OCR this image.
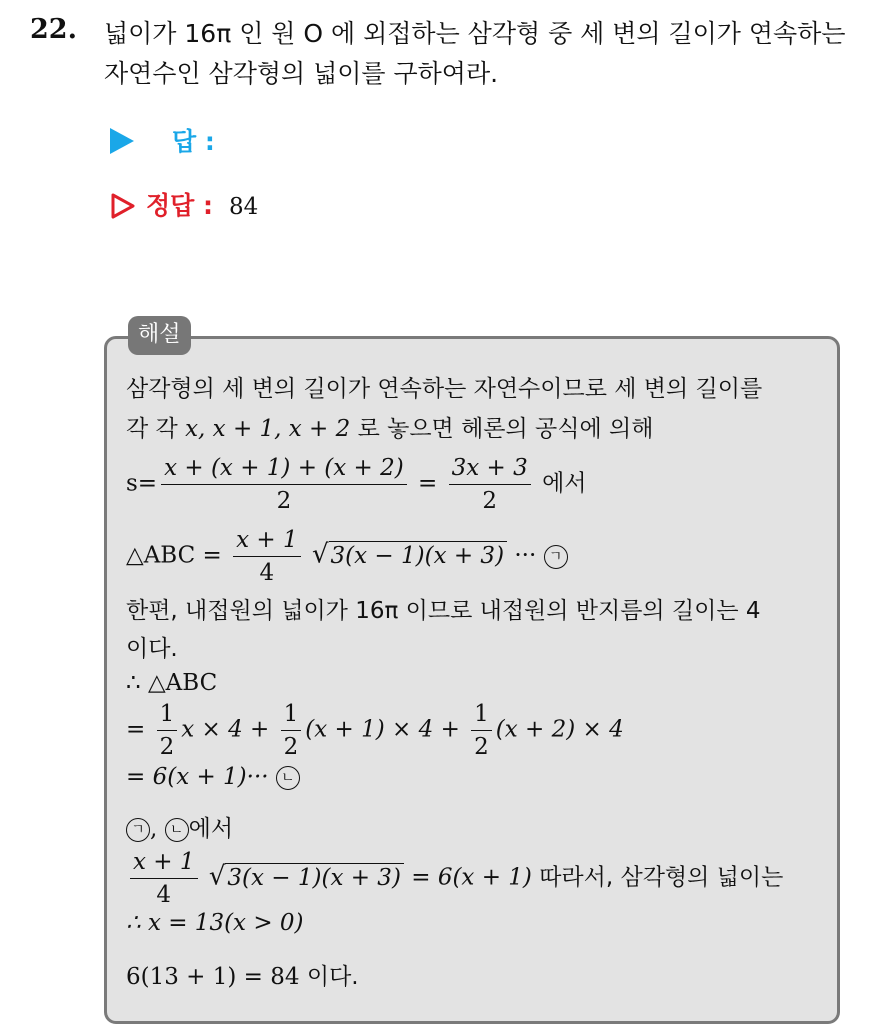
22. 넓이가 16π 인 원 O 에 외접하는 삼각형 중 세 변의 길이가 연속하는
자연수인 삼각형의 넓이를 구하여라.
답 :
정답 : 84
해설
삼각형의 세 변의 길이가 연속하는 자연수이므로 세 변의 길이를
각 각 x, x + 1, x + 2 로 놓으면 헤론의 공식에 의해
$s= \frac{x + (x + 1) + (x + 2)}{2} = \frac{3x + 3}{2}$ 에서
△ABC = $\frac{x + 1}{4} √3(x - 1)(x + 3)$ ··· ㄱ
한편, 내접원의 넓이가 16π 이므로 내접원의 반지름의 길이는 4
이다.
∴ △ABC
= $\frac{1}{2}$ $x \times 4 + \frac{1}{2} (x + 1) \times 4 + \frac{1}{2} (x + 2) \times 4$
= 6(x + 1)··· ㄴ
ㄱ , ㄴ 에서
$\frac{x + 1}{4} √3(x - 1)(x + 3) = 6(x + 1)$ 따라서, 삼각형의 넓이는
∴ x = 13(x > 0)
6(13 + 1) = 84 이다.
